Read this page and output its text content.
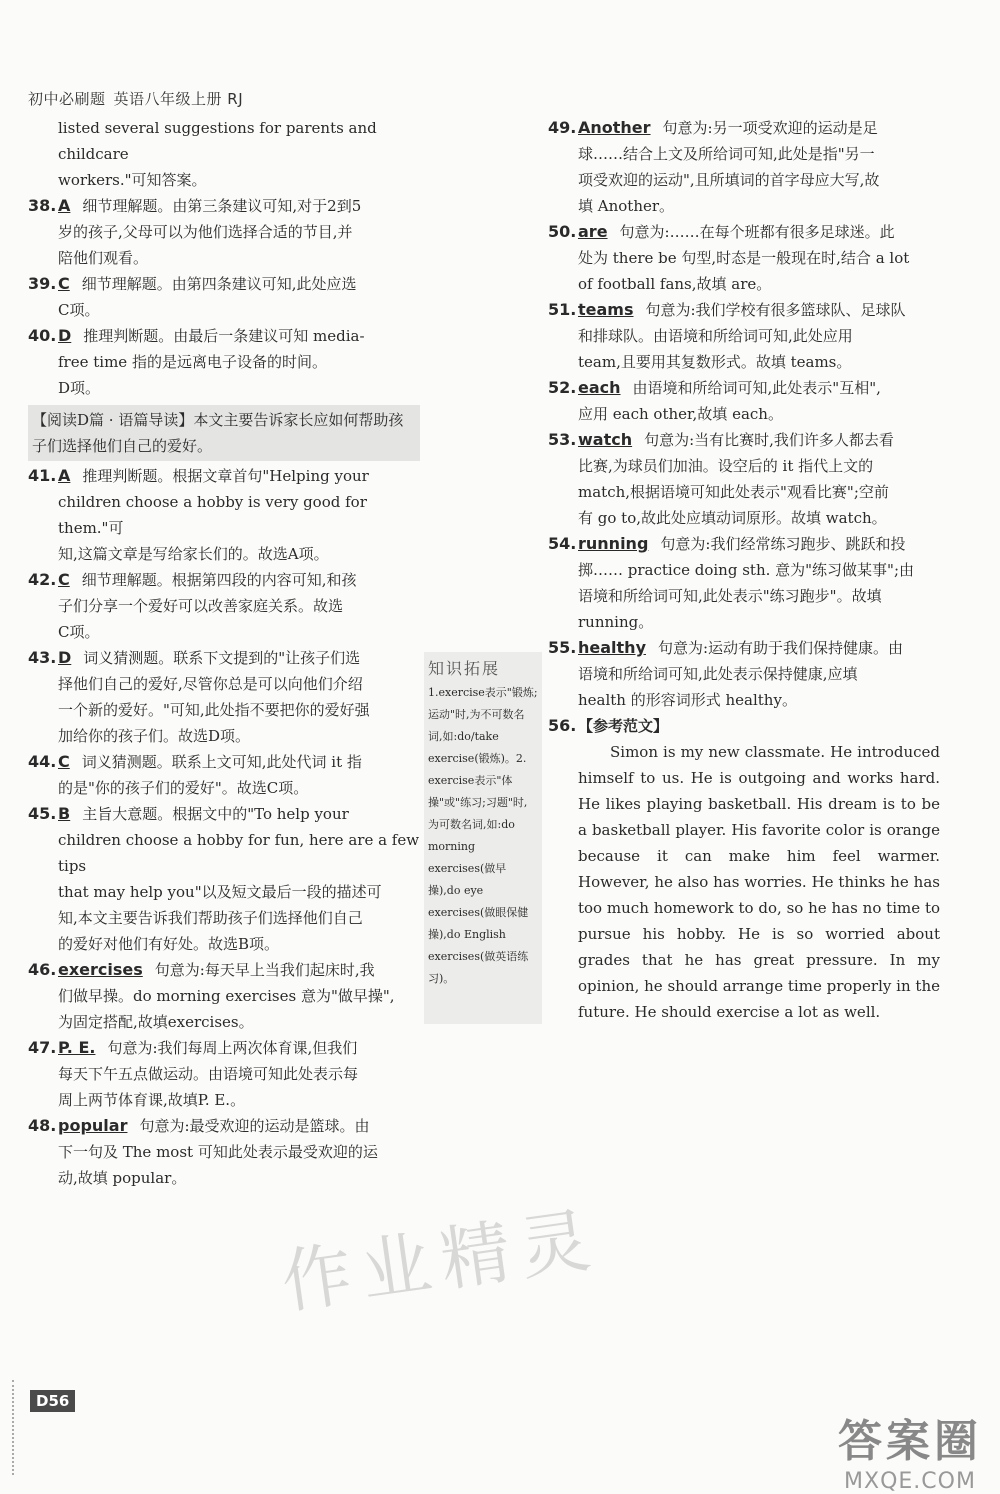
初中必刷题 英语八年级上册 RJ

listed several suggestions for parents and childcare

workers."可知答案。

38. A 细节理解题。由第三条建议可知,对于2到5
岁的孩子,父母可以为他们选择合适的节目,并
陪他们观看。
39. C 细节理解题。由第四条建议可知,此处应选
C项。
40. D 推理判断题。由最后一条建议可知 media-
free time 指的是远离电子设备的时间。
D项。
【阅读D篇 · 语篇导读】本文主要告诉家长应如何帮助孩子们选择他们自己的爱好。
41. A 推理判断题。根据文章首句"Helping your
children choose a hobby is very good for them."可
知,这篇文章是写给家长们的。故选A项。
42. C 细节理解题。根据第四段的内容可知,和孩
子们分享一个爱好可以改善家庭关系。故选
C项。
43. D 词义猜测题。联系下文提到的"让孩子们选
择他们自己的爱好,尽管你总是可以向他们介绍
一个新的爱好。"可知,此处指不要把你的爱好强
加给你的孩子们。故选D项。
44. C 词义猜测题。联系上文可知,此处代词 it 指
的是"你的孩子们的爱好"。故选C项。
45. B 主旨大意题。根据文中的"To help your
children choose a hobby for fun, here are a few tips
that may help you"以及短文最后一段的描述可
知,本文主要告诉我们帮助孩子们选择他们自己
的爱好对他们有好处。故选B项。
46. exercises 句意为:每天早上当我们起床时,我
们做早操。do morning exercises 意为"做早操",
为固定搭配,故填exercises。
47. P. E. 句意为:我们每周上两次体育课,但我们
每天下午五点做运动。由语境可知此处表示每
周上两节体育课,故填P. E.。
48. popular 句意为:最受欢迎的运动是篮球。由
下一句及 The most 可知此处表示最受欢迎的运
动,故填 popular。
知识拓展
1.exercise表示"锻炼;运动"时,为不可数名词,如:do/take exercise(锻炼)。2. exercise表示"体操"或"练习;习题"时,为可数名词,如:do morning exercises(做早操),do eye exercises(做眼保健操),do English exercises(做英语练习)。
49. Another 句意为:另一项受欢迎的运动是足
球……结合上文及所给词可知,此处是指"另一
项受欢迎的运动",且所填词的首字母应大写,故
填 Another。
50. are 句意为:……在每个班都有很多足球迷。此
处为 there be 句型,时态是一般现在时,结合 a lot
of football fans,故填 are。
51. teams 句意为:我们学校有很多篮球队、足球队
和排球队。由语境和所给词可知,此处应用
team,且要用其复数形式。故填 teams。
52. each 由语境和所给词可知,此处表示"互相",
应用 each other,故填 each。
53. watch 句意为:当有比赛时,我们许多人都去看
比赛,为球员们加油。设空后的 it 指代上文的
match,根据语境可知此处表示"观看比赛";空前
有 go to,故此处应填动词原形。故填 watch。
54. running 句意为:我们经常练习跑步、跳跃和投
掷…… practice doing sth. 意为"练习做某事";由
语境和所给词可知,此处表示"练习跑步"。故填
running。
55. healthy 句意为:运动有助于我们保持健康。由
语境和所给词可知,此处表示保持健康,应填
health 的形容词形式 healthy。
56. 【参考范文】

Simon is my new classmate. He introduced himself to us. He is outgoing and works hard. He likes playing basketball. His dream is to be a basketball player. His favorite color is orange because it can make him feel warmer. However, he also has worries. He thinks he has too much homework to do, so he has no time to pursue his hobby. He is so worried about grades that he has great pressure. In my opinion, he should arrange time properly in the future. He should exercise a lot as well.

作业精灵
D56
答案圈
MXQE.COM
